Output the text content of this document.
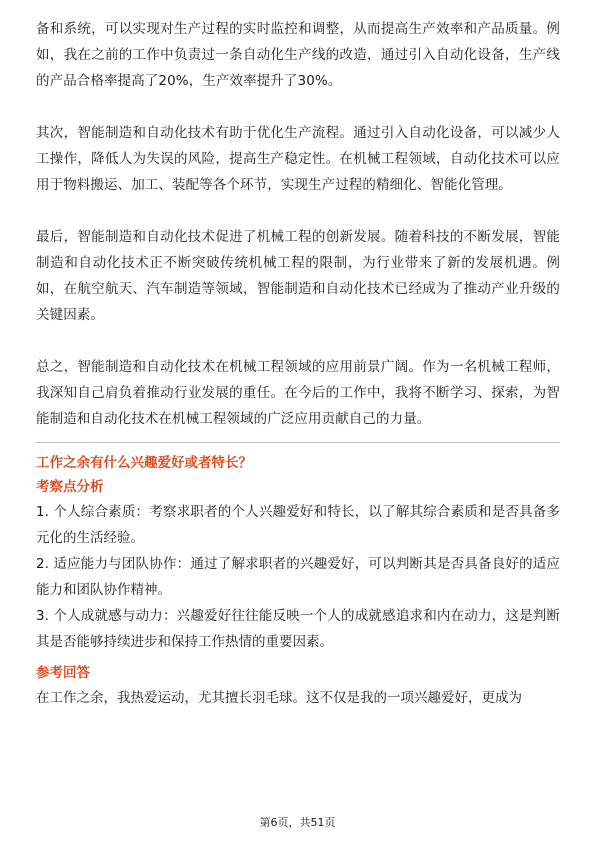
备和系统，可以实现对生产过程的实时监控和调整，从而提高生产效率和产品质量。例如，我在之前的工作中负责过一条自动化生产线的改造，通过引入自动化设备，生产线的产品合格率提高了20%，生产效率提升了30%。

其次，智能制造和自动化技术有助于优化生产流程。通过引入自动化设备，可以减少人工操作，降低人为失误的风险，提高生产稳定性。在机械工程领域，自动化技术可以应用于物料搬运、加工、装配等各个环节，实现生产过程的精细化、智能化管理。

最后，智能制造和自动化技术促进了机械工程的创新发展。随着科技的不断发展，智能制造和自动化技术正不断突破传统机械工程的限制，为行业带来了新的发展机遇。例如，在航空航天、汽车制造等领域，智能制造和自动化技术已经成为了推动产业升级的关键因素。

总之，智能制造和自动化技术在机械工程领域的应用前景广阔。作为一名机械工程师，我深知自己肩负着推动行业发展的重任。在今后的工作中，我将不断学习、探索，为智能制造和自动化技术在机械工程领域的广泛应用贡献自己的力量。

工作之余有什么兴趣爱好或者特长？

考察点分析

1. 个人综合素质：考察求职者的个人兴趣爱好和特长，以了解其综合素质和是否具备多元化的生活经验。

2. 适应能力与团队协作：通过了解求职者的兴趣爱好，可以判断其是否具备良好的适应能力和团队协作精神。

3. 个人成就感与动力：兴趣爱好往往能反映一个人的成就感追求和内在动力，这是判断其是否能够持续进步和保持工作热情的重要因素。

参考回答

在工作之余，我热爱运动，尤其擅长羽毛球。这不仅是我的一项兴趣爱好，更成为

第6页，共51页
